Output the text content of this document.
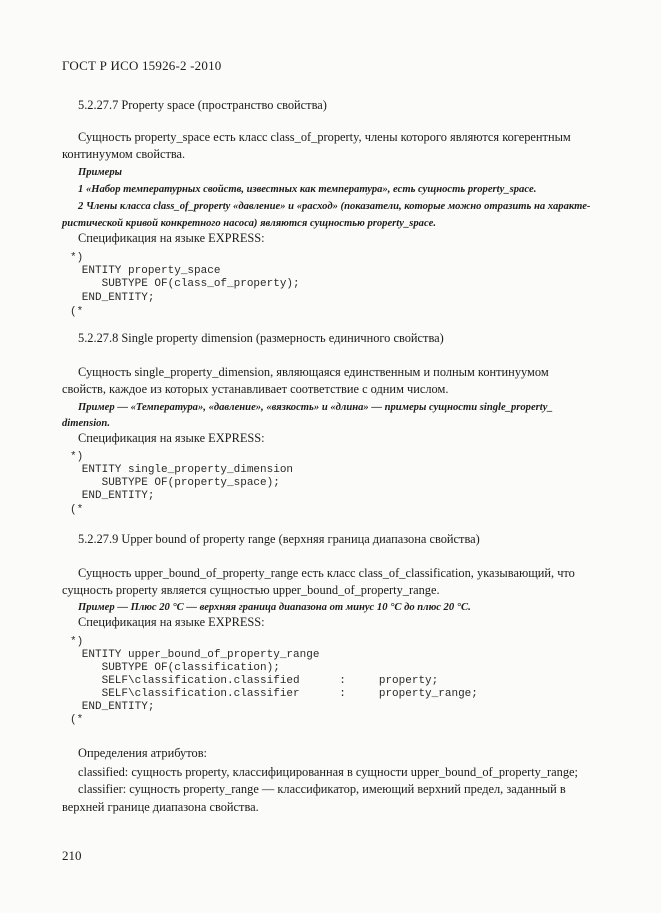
ГОСТ Р ИСО 15926-2 -2010
5.2.27.7 Property space (пространство свойства)
Сущность property_space есть класс class_of_property, члены которого являются когерентным
континуумом свойства.
Примеры
1 «Набор температурных свойств, известных как температура», есть сущность property_space.
2 Члены класса class_of_property «давление» и «расход» (показатели, которые можно отразить на характе-
ристической кривой конкретного насоса) являются сущностью property_space.
Спецификация на языке EXPRESS:
*)
ENTITY property_space
SUBTYPE OF(class_of_property);
END_ENTITY;
(*
5.2.27.8 Single property dimension (размерность единичного свойства)
Сущность single_property_dimension, являющаяся единственным и полным континуумом
свойств, каждое из которых устанавливает соответствие с одним числом.
Пример — «Температура», «давление», «вязкость» и «длина» — примеры сущности single_property_
dimension.
Спецификация на языке EXPRESS:
*)
ENTITY single_property_dimension
SUBTYPE OF(property_space);
END_ENTITY;
(*
5.2.27.9 Upper bound of property range (верхняя граница диапазона свойства)
Сущность upper_bound_of_property_range есть класс class_of_classification, указывающий, что
сущность property является сущностью upper_bound_of_property_range.
Пример — Плюс 20 °C — верхняя граница диапазона от минус 10 °C до плюс 20 °C.
Спецификация на языке EXPRESS:
*)
ENTITY upper_bound_of_property_range
SUBTYPE OF(classification);
SELF\classification.classified      :     property;
SELF\classification.classifier      :     property_range;
END_ENTITY;
(*
Определения атрибутов:
classified: сущность property, классифицированная в сущности upper_bound_of_property_range;
classifier: сущность property_range — классификатор, имеющий верхний предел, заданный в
верхней границе диапазона свойства.
210
